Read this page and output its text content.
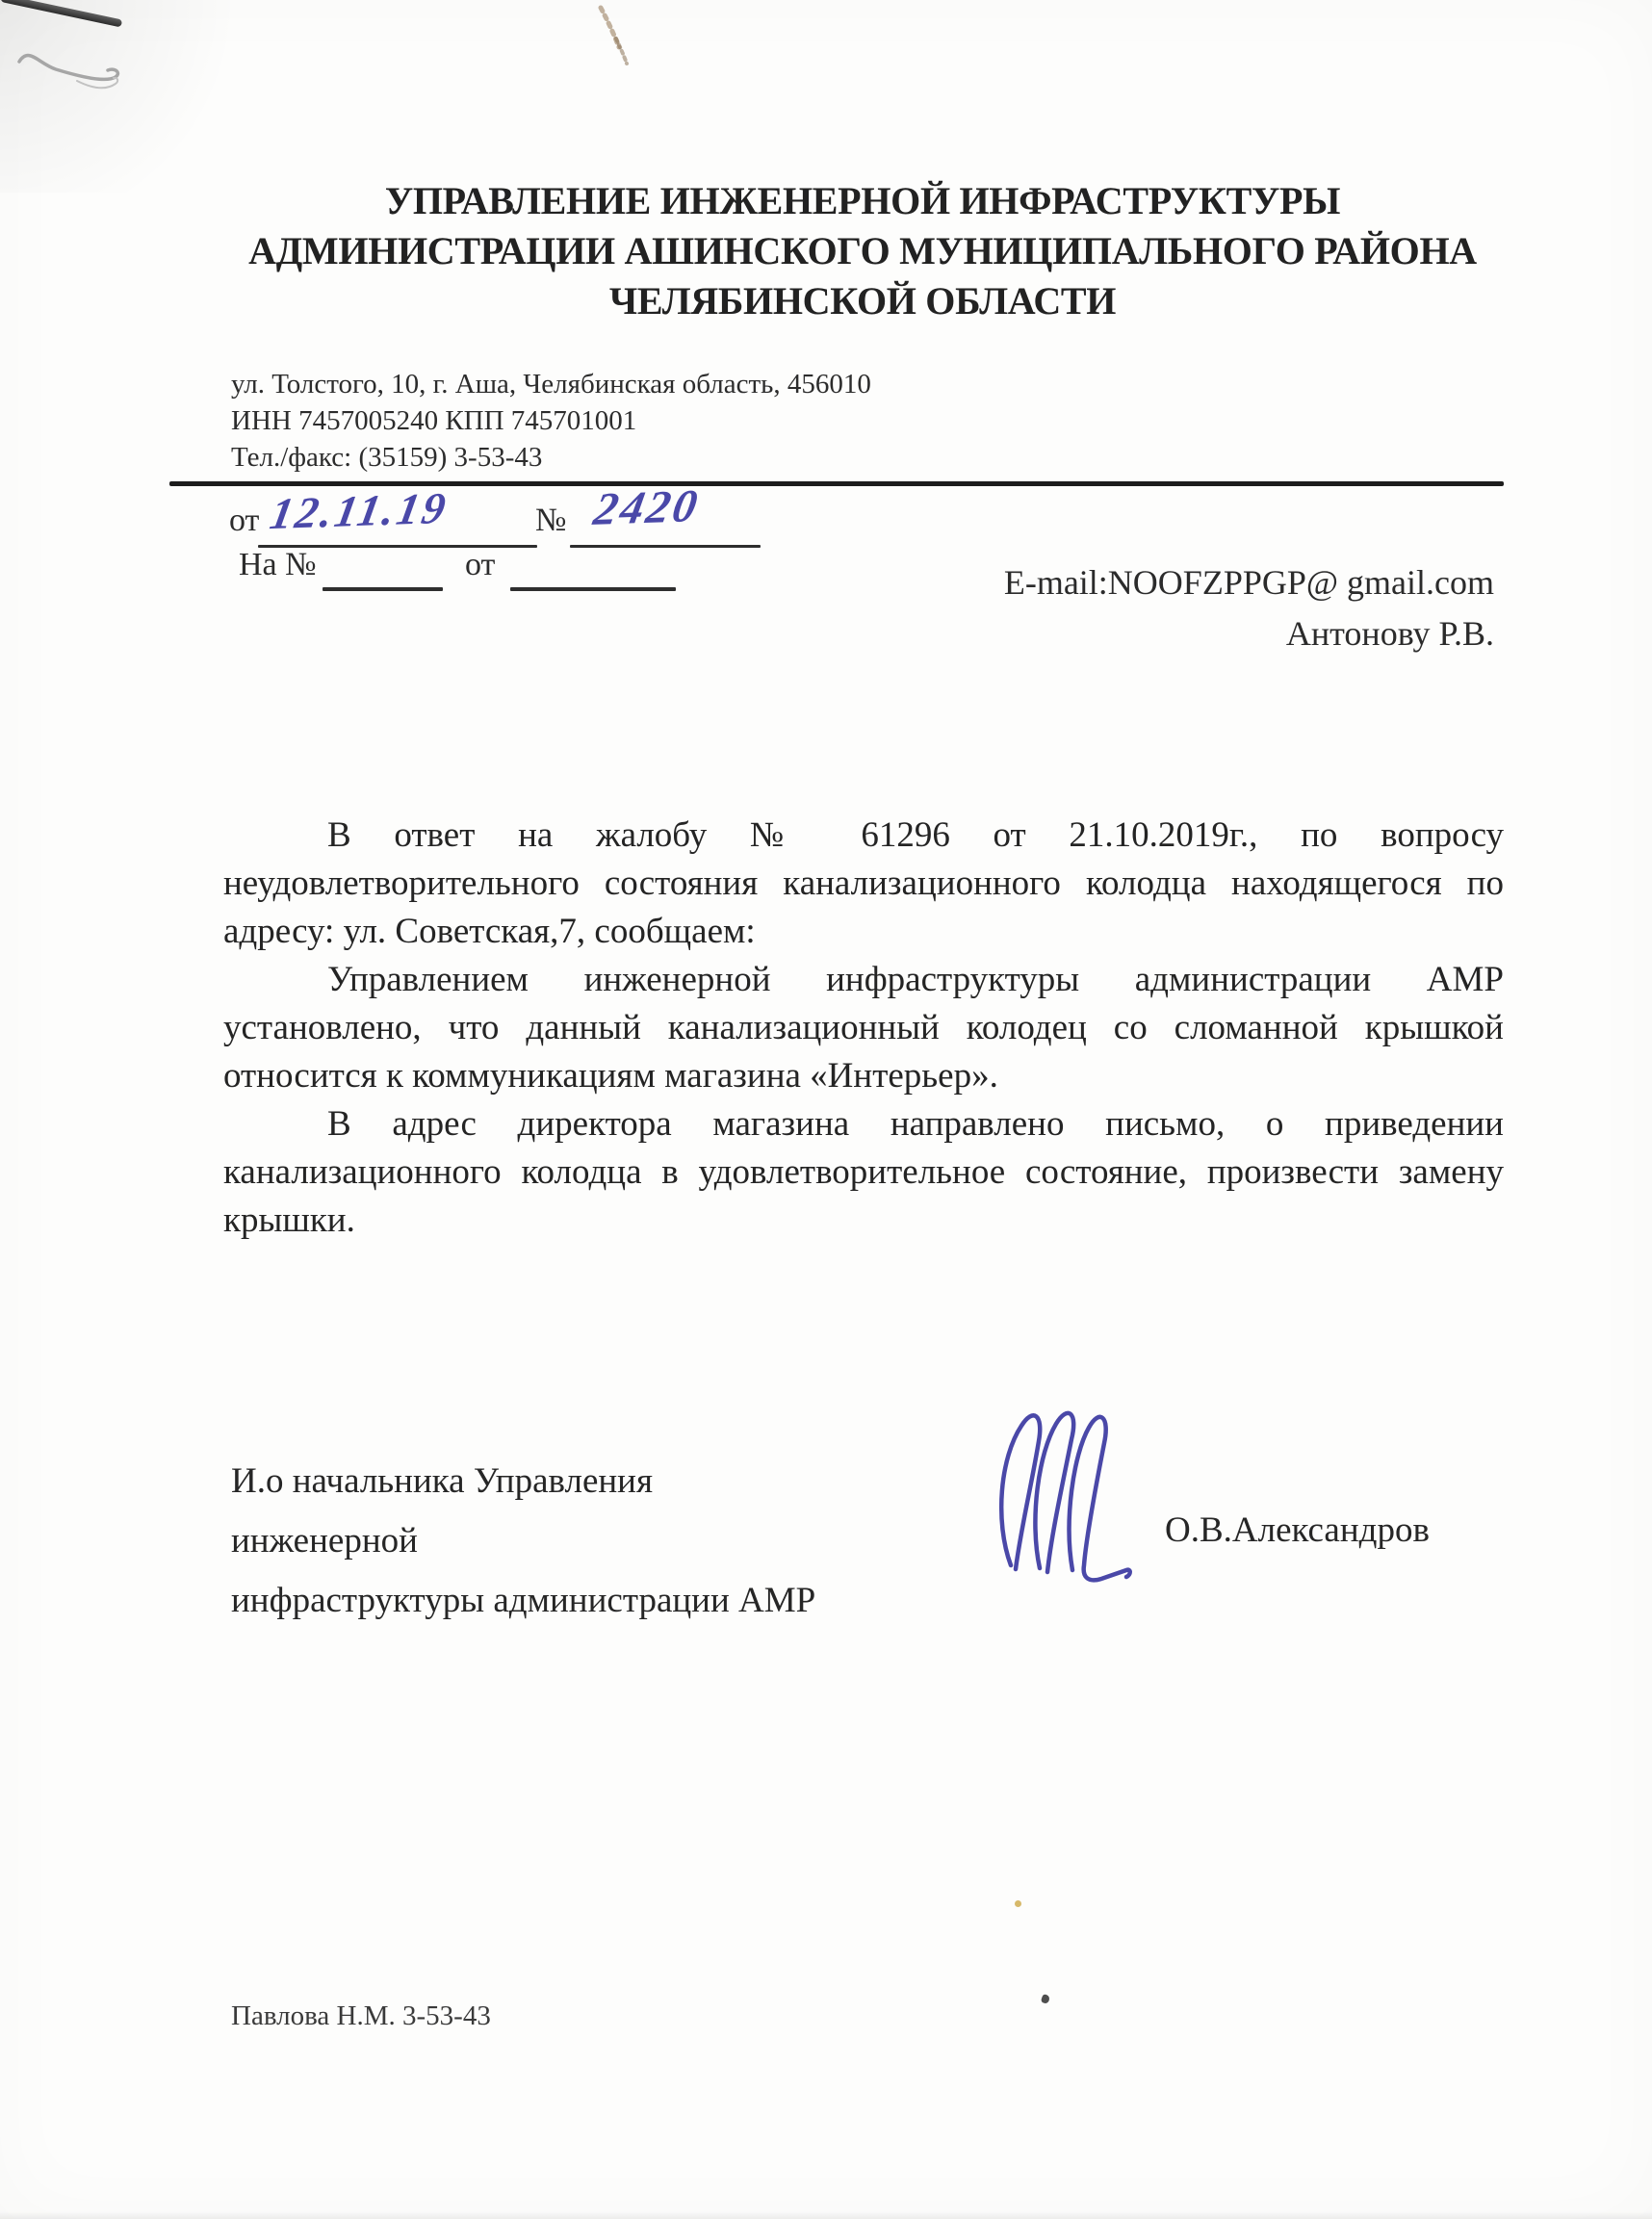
УПРАВЛЕНИЕ ИНЖЕНЕРНОЙ ИНФРАСТРУКТУРЫ
АДМИНИСТРАЦИИ АШИНСКОГО МУНИЦИПАЛЬНОГО РАЙОНА
ЧЕЛЯБИНСКОЙ ОБЛАСТИ
ул. Толстого, 10, г. Аша, Челябинская область, 456010
ИНН 7457005240 КПП 745701001
Тел./факс: (35159) 3-53-43
от 12.11.19	№ 2420
На №	от	E-mail:NOOFZPPGP@ gmail.com
Антонову Р.В.
В ответ на жалобу № 61296 от 21.10.2019г., по вопросу
неудовлетворительного состояния канализационного колодца находящегося по
адресу: ул. Советская,7, сообщаем:
Управлением инженерной инфраструктуры администрации АМР
установлено, что данный канализационный колодец со сломанной крышкой
относится к коммуникациям магазина «Интерьер».
В адрес директора магазина направлено письмо, о приведении
канализационного колодца в удовлетворительное состояние, произвести замену
крышки.
И.о начальника Управления инженерной
инфраструктуры администрации АМР
О.В.Александров
Павлова Н.М. 3-53-43
